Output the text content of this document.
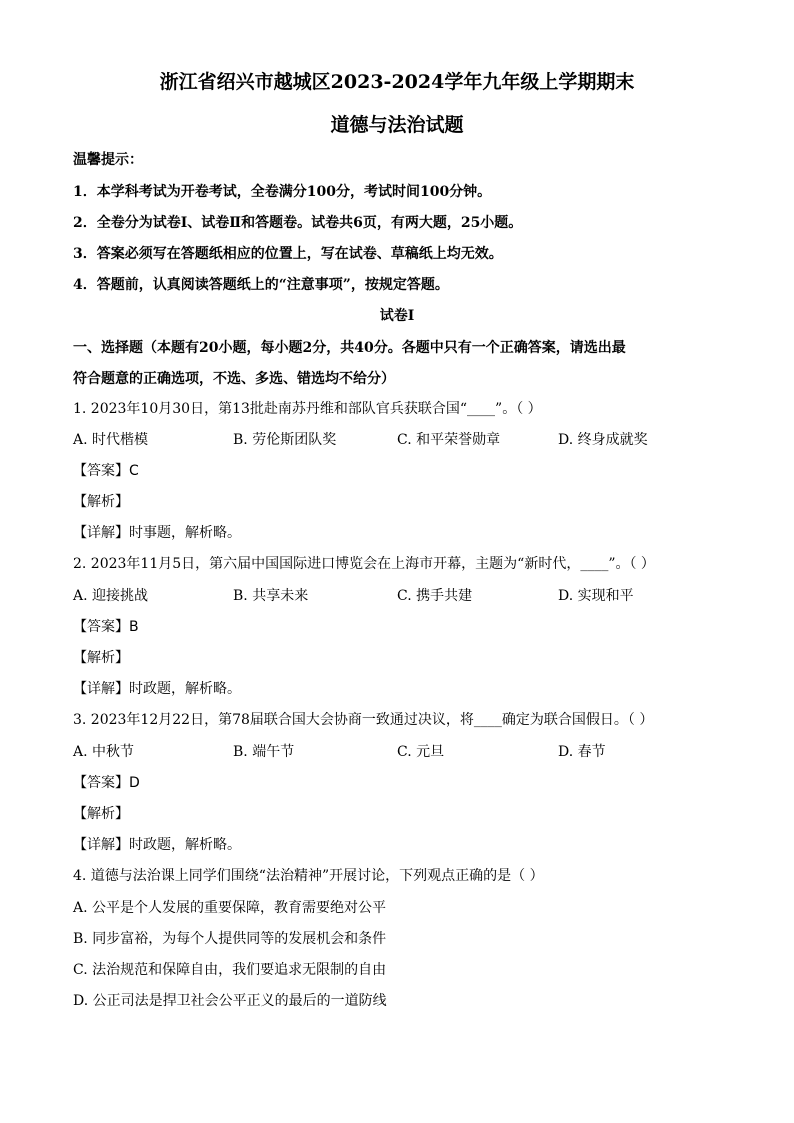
浙江省绍兴市越城区2023-2024学年九年级上学期期末
道德与法治试题
温馨提示：
1．本学科考试为开卷考试，全卷满分100分，考试时间100分钟。
2．全卷分为试卷Ⅰ、试卷Ⅱ和答题卷。试卷共6页，有两大题，25小题。
3．答案必须写在答题纸相应的位置上，写在试卷、草稿纸上均无效。
4．答题前，认真阅读答题纸上的“注意事项”，按规定答题。
试卷Ⅰ
一、选择题（本题有20小题，每小题2分，共40分。各题中只有一个正确答案，请选出最
符合题意的正确选项，不选、多选、错选均不给分）
1. 2023年10月30日，第13批赴南苏丹维和部队官兵获联合国“____”。（ ）
A. 时代楷模	B. 劳伦斯团队奖	C. 和平荣誉勋章	D. 终身成就奖
【答案】C
【解析】
【详解】时事题，解析略。
2. 2023年11月5日，第六届中国国际进口博览会在上海市开幕，主题为“新时代，____”。（ ）
A. 迎接挑战	B. 共享未来	C. 携手共建	D. 实现和平
【答案】B
【解析】
【详解】时政题，解析略。
3. 2023年12月22日，第78届联合国大会协商一致通过决议，将____确定为联合国假日。（ ）
A. 中秋节	B. 端午节	C. 元旦	D. 春节
【答案】D
【解析】
【详解】时政题，解析略。
4. 道德与法治课上同学们围绕“法治精神”开展讨论，下列观点正确的是（ ）
A. 公平是个人发展的重要保障，教育需要绝对公平
B. 同步富裕，为每个人提供同等的发展机会和条件
C. 法治规范和保障自由，我们要追求无限制的自由
D. 公正司法是捍卫社会公平正义的最后的一道防线
